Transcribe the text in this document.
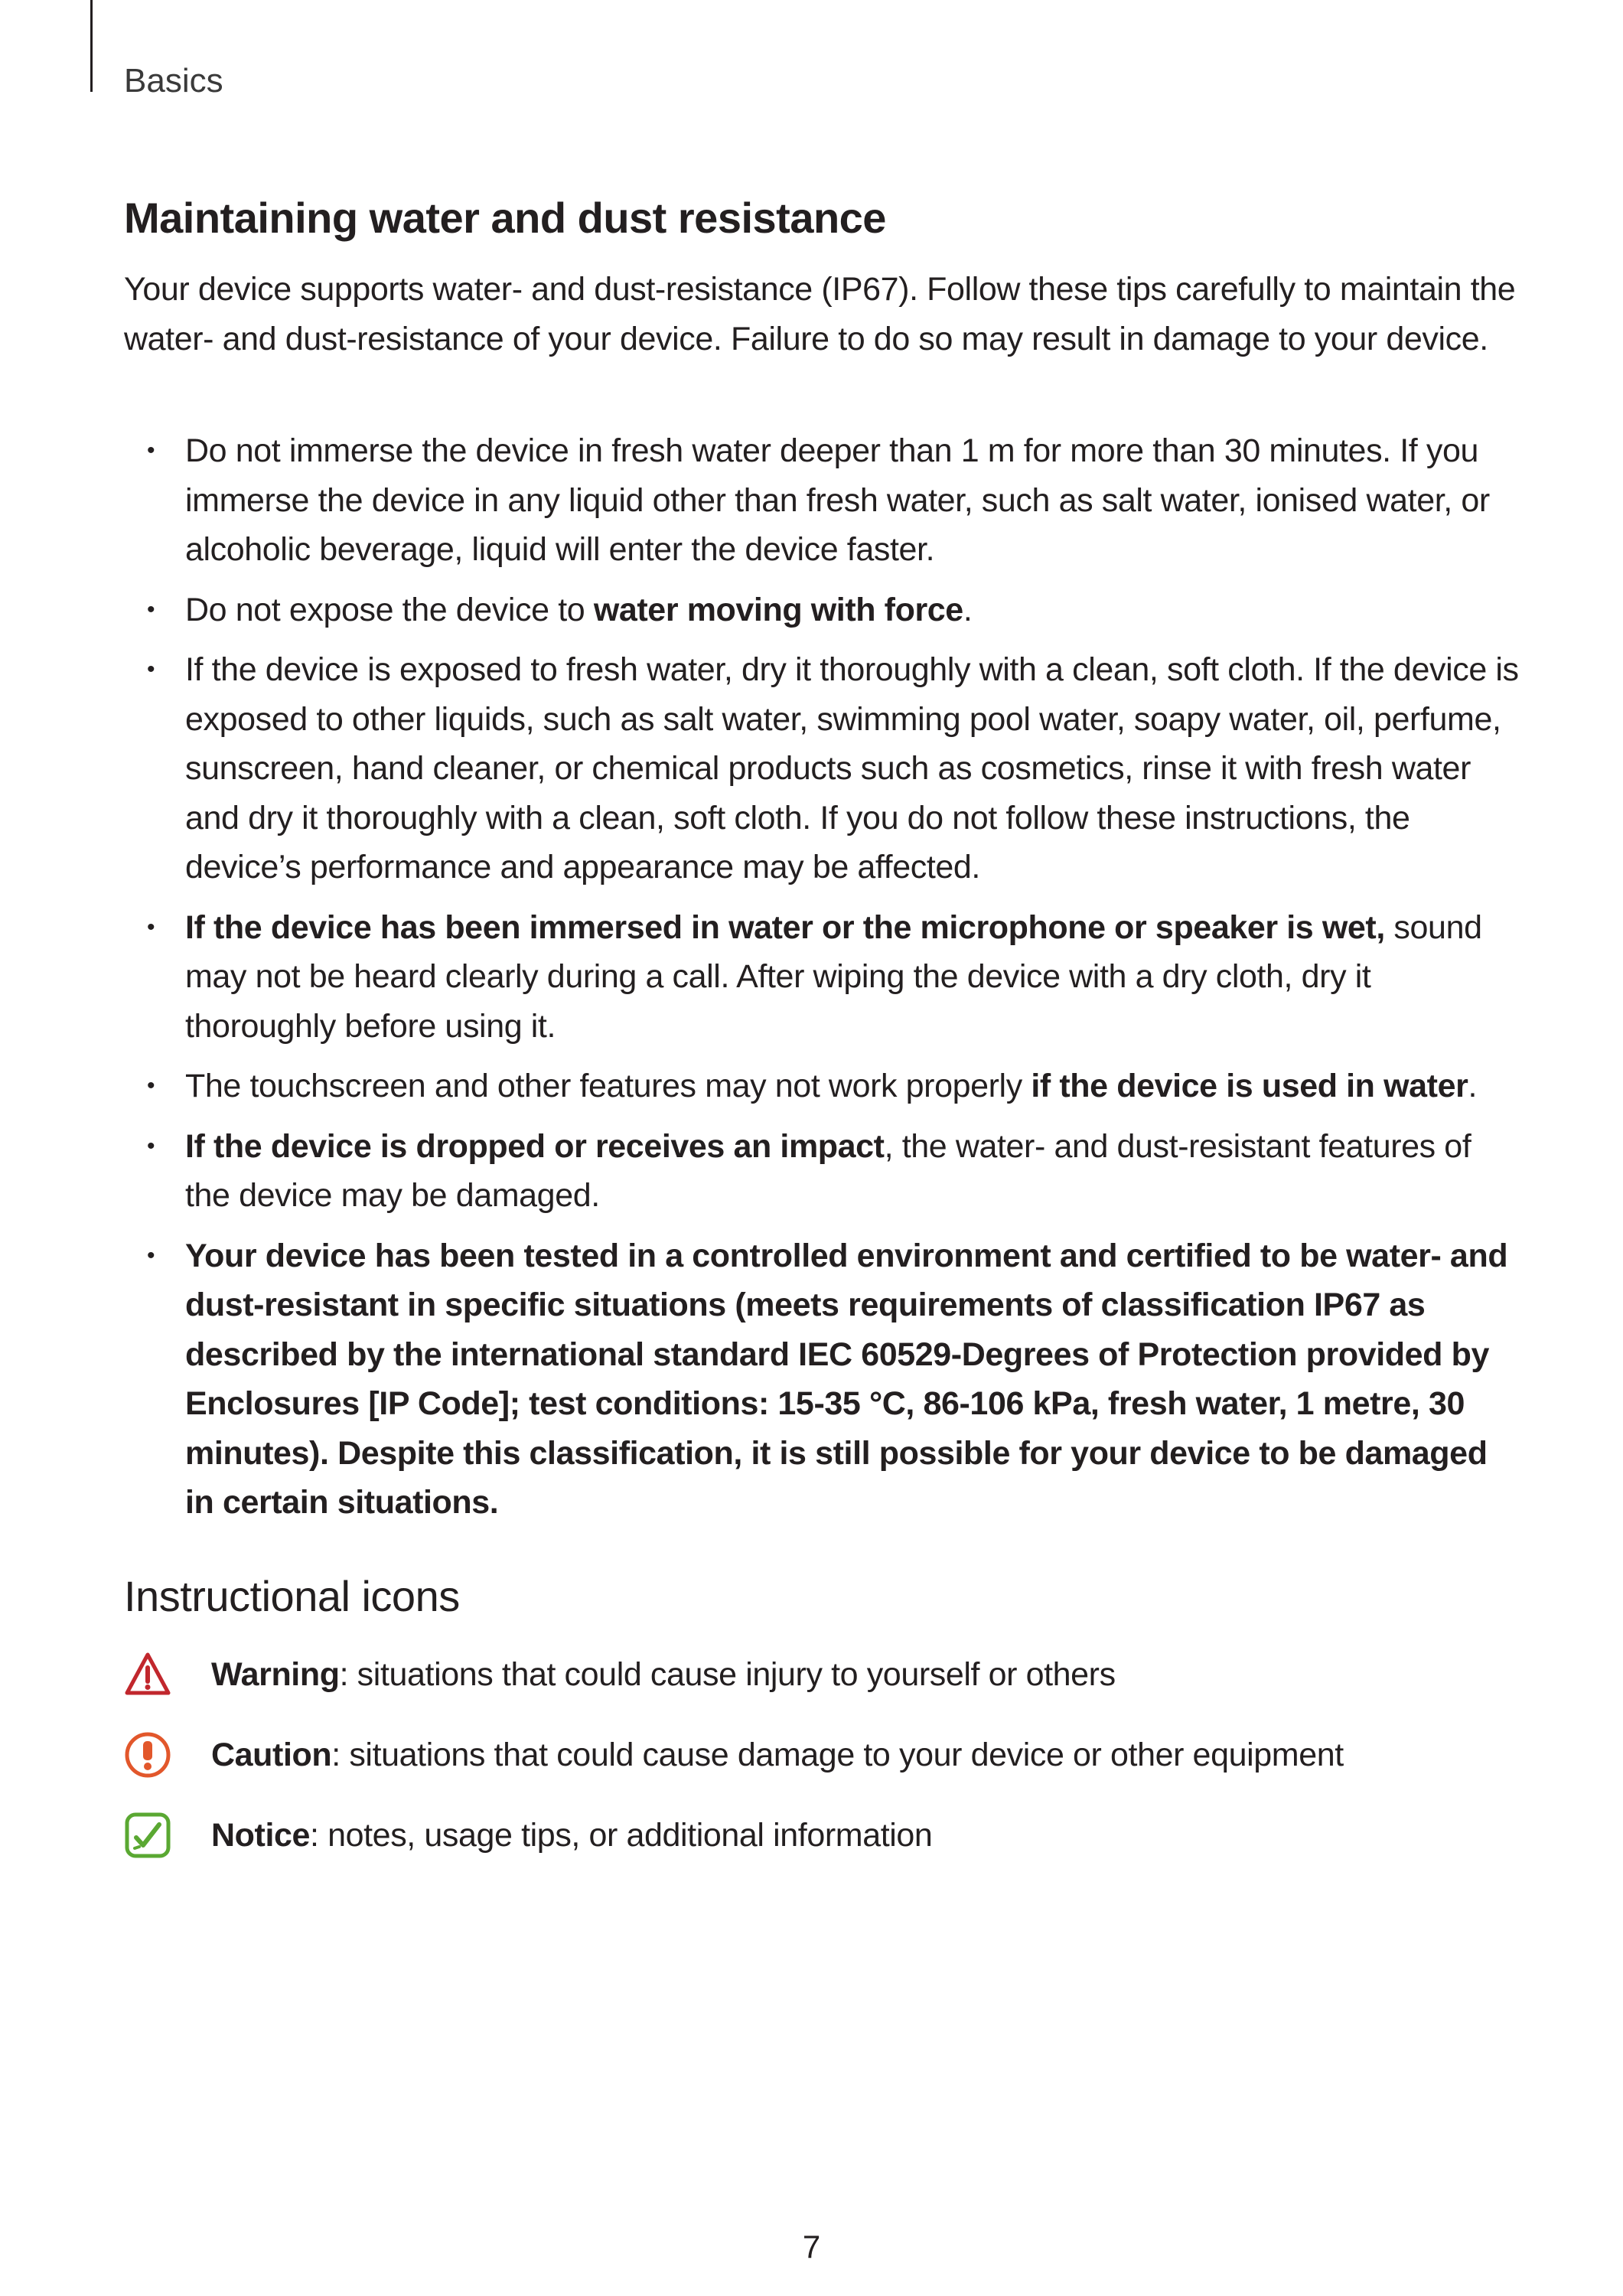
Basics
Maintaining water and dust resistance
Your device supports water- and dust-resistance (IP67). Follow these tips carefully to maintain the water- and dust-resistance of your device. Failure to do so may result in damage to your device.
• Do not immerse the device in fresh water deeper than 1 m for more than 30 minutes. If you immerse the device in any liquid other than fresh water, such as salt water, ionised water, or alcoholic beverage, liquid will enter the device faster.
• Do not expose the device to water moving with force.
• If the device is exposed to fresh water, dry it thoroughly with a clean, soft cloth. If the device is exposed to other liquids, such as salt water, swimming pool water, soapy water, oil, perfume, sunscreen, hand cleaner, or chemical products such as cosmetics, rinse it with fresh water and dry it thoroughly with a clean, soft cloth. If you do not follow these instructions, the device’s performance and appearance may be affected.
• If the device has been immersed in water or the microphone or speaker is wet, sound may not be heard clearly during a call. After wiping the device with a dry cloth, dry it thoroughly before using it.
• The touchscreen and other features may not work properly if the device is used in water.
• If the device is dropped or receives an impact, the water- and dust-resistant features of the device may be damaged.
• Your device has been tested in a controlled environment and certified to be water- and dust-resistant in specific situations (meets requirements of classification IP67 as described by the international standard IEC 60529-Degrees of Protection provided by Enclosures [IP Code]; test conditions: 15-35 °C, 86-106 kPa, fresh water, 1 metre, 30 minutes). Despite this classification, it is still possible for your device to be damaged in certain situations.
Instructional icons
Warning : situations that could cause injury to yourself or others
Caution : situations that could cause damage to your device or other equipment
Notice : notes, usage tips, or additional information
7
